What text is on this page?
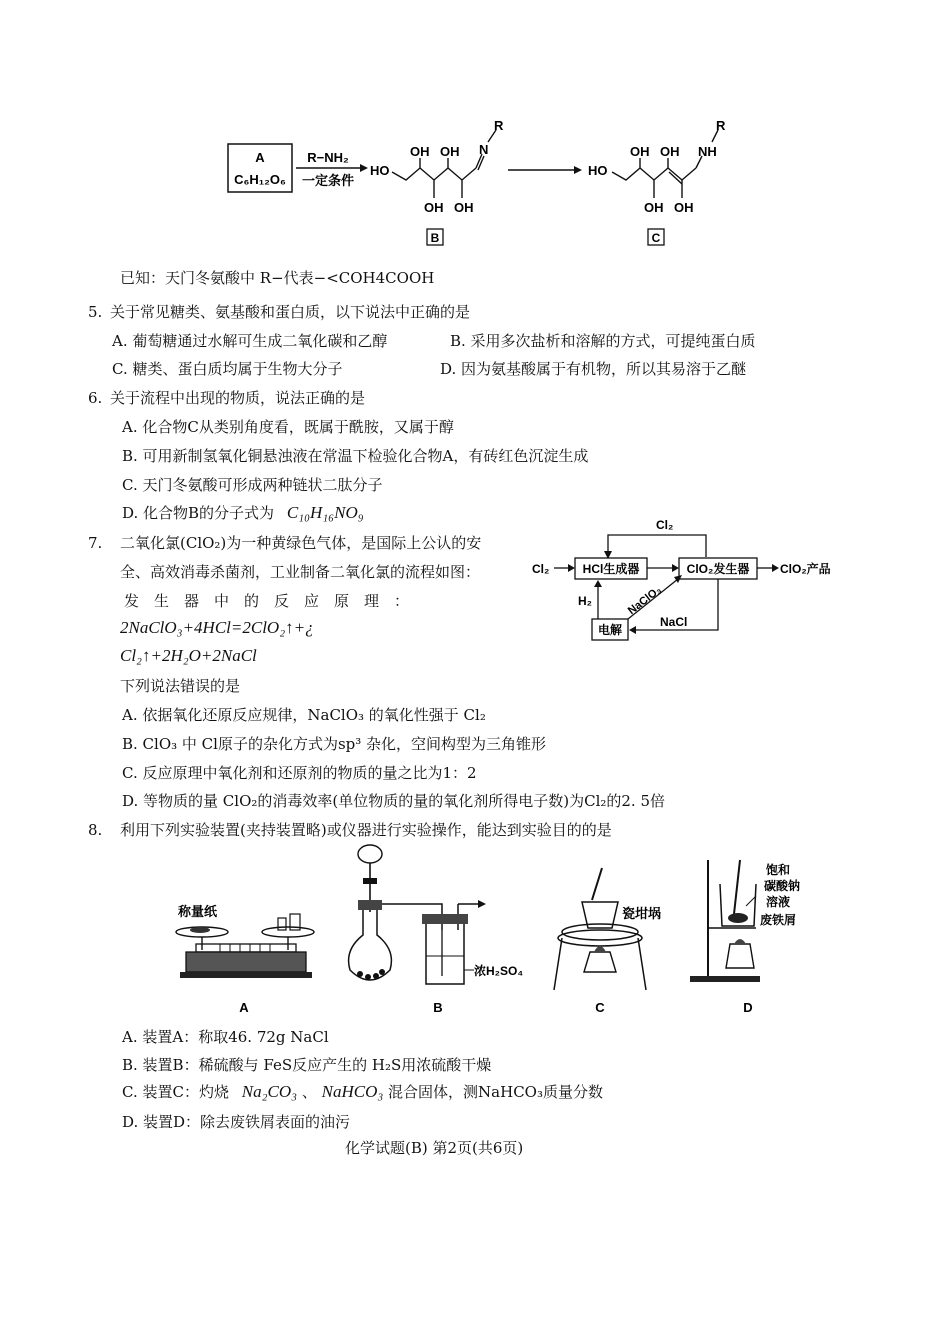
A
C₆H₁₂O₆
R−NH₂
一定条件
HO
N
R
OH OH
OH OH
B
HO
NH
R
OH OH
OH OH
C
已知：天门冬氨酸中 R−代表−<COH4COOH
5. 关于常见糖类、氨基酸和蛋白质，以下说法中正确的是
A. 葡萄糖通过水解可生成二氧化碳和乙醇	B. 采用多次盐析和溶解的方式，可提纯蛋白质
C. 糖类、蛋白质均属于生物大分子	D. 因为氨基酸属于有机物，所以其易溶于乙醚
6. 关于流程中出现的物质，说法正确的是
A. 化合物C从类别角度看，既属于酰胺，又属于醇
B. 可用新制氢氧化铜悬浊液在常温下检验化合物A，有砖红色沉淀生成
C. 天门冬氨酸可形成两种链状二肽分子
D. 化合物B的分子式为 C₁₀H₁₆NO₉
7. 二氧化氯(ClO₂)为一种黄绿色气体，是国际上公认的安
全、高效消毒杀菌剂，工业制备二氧化氯的流程如图：
发　生　器　中　的　反　应　原　理　：
2NaClO₃+4HCl=2ClO₂↑+¿
Cl₂↑+2H₂O+2NaCl
下列说法错误的是
A. 依据氧化还原反应规律，NaClO₃ 的氧化性强于 Cl₂
B. ClO₃ 中 Cl原子的杂化方式为sp³ 杂化，空间构型为三角锥形
C. 反应原理中氧化剂和还原剂的物质的量之比为1：2
D. 等物质的量 ClO₂的消毒效率(单位物质的量的氧化剂所得电子数)为Cl₂的2. 5倍
Cl₂
Cl₂	HCl生成器	ClO₂发生器	ClO₂产品
电解
H₂	NaClO₃
NaCl
8. 利用下列实验装置(夹持装置略)或仪器进行实验操作，能达到实验目的的是
称量纸
A
浓H₂SO₄
B
瓷坩埚
C
饱和
碳酸钠
溶液
废铁屑
D
A. 装置A：称取46. 72g NaCl
B. 装置B：稀硫酸与 FeS反应产生的 H₂S用浓硫酸干燥
C. 装置C：灼烧 Na₂CO₃ 、 NaHCO₃ 混合固体，测NaHCO₃质量分数
D. 装置D：除去废铁屑表面的油污
化学试题(B) 第2页(共6页)
